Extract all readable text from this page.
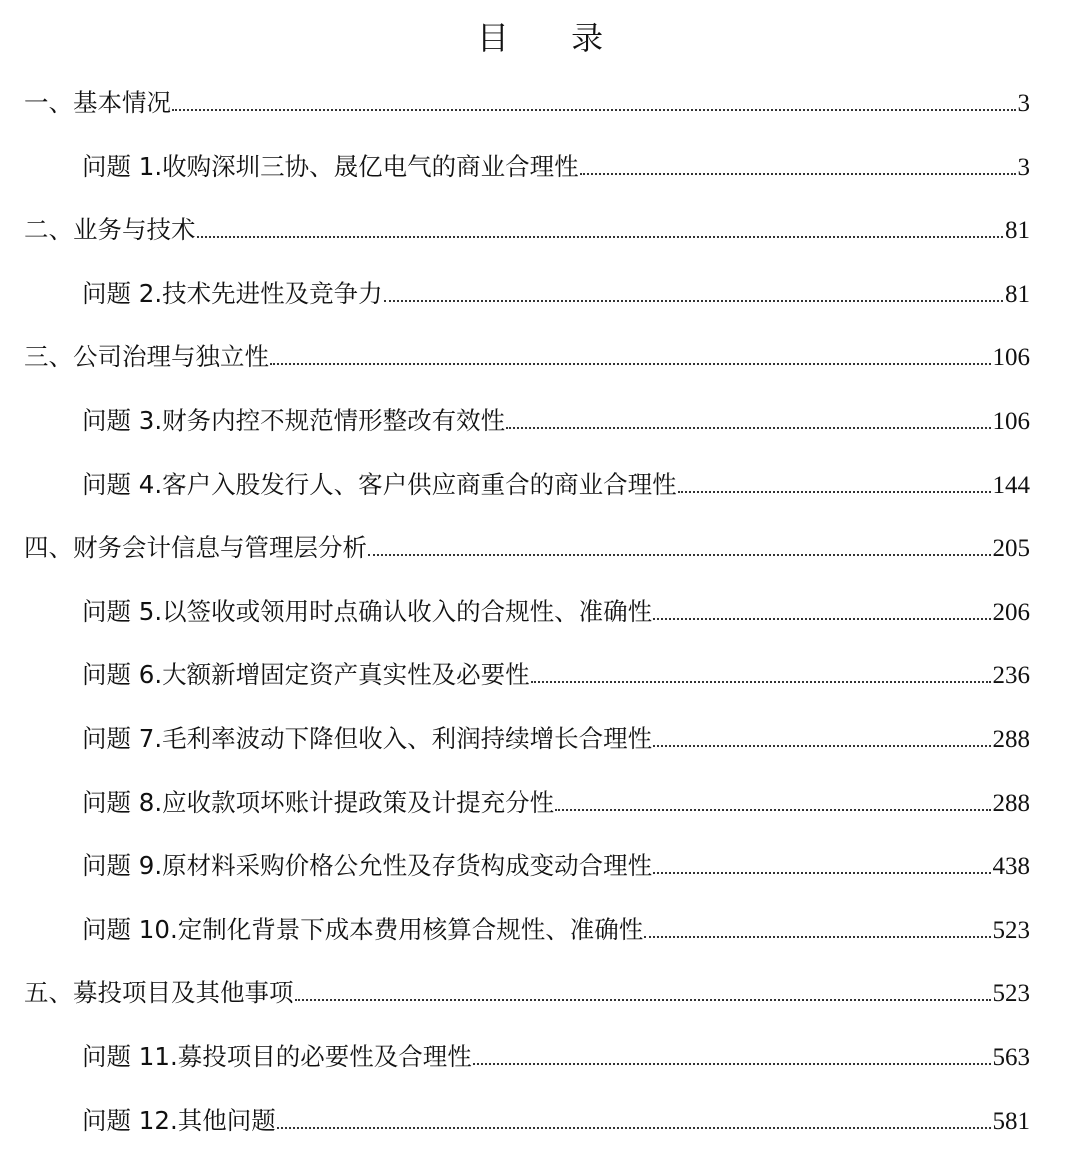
目 录
一、基本情况	3
问题 1.收购深圳三协、晟亿电气的商业合理性	3
二、业务与技术	81
问题 2.技术先进性及竞争力	81
三、公司治理与独立性	106
问题 3.财务内控不规范情形整改有效性	106
问题 4.客户入股发行人、客户供应商重合的商业合理性	144
四、财务会计信息与管理层分析	205
问题 5.以签收或领用时点确认收入的合规性、准确性	206
问题 6.大额新增固定资产真实性及必要性	236
问题 7.毛利率波动下降但收入、利润持续增长合理性	288
问题 8.应收款项坏账计提政策及计提充分性	288
问题 9.原材料采购价格公允性及存货构成变动合理性	438
问题 10.定制化背景下成本费用核算合规性、准确性	523
五、募投项目及其他事项	523
问题 11.募投项目的必要性及合理性	563
问题 12.其他问题	581
